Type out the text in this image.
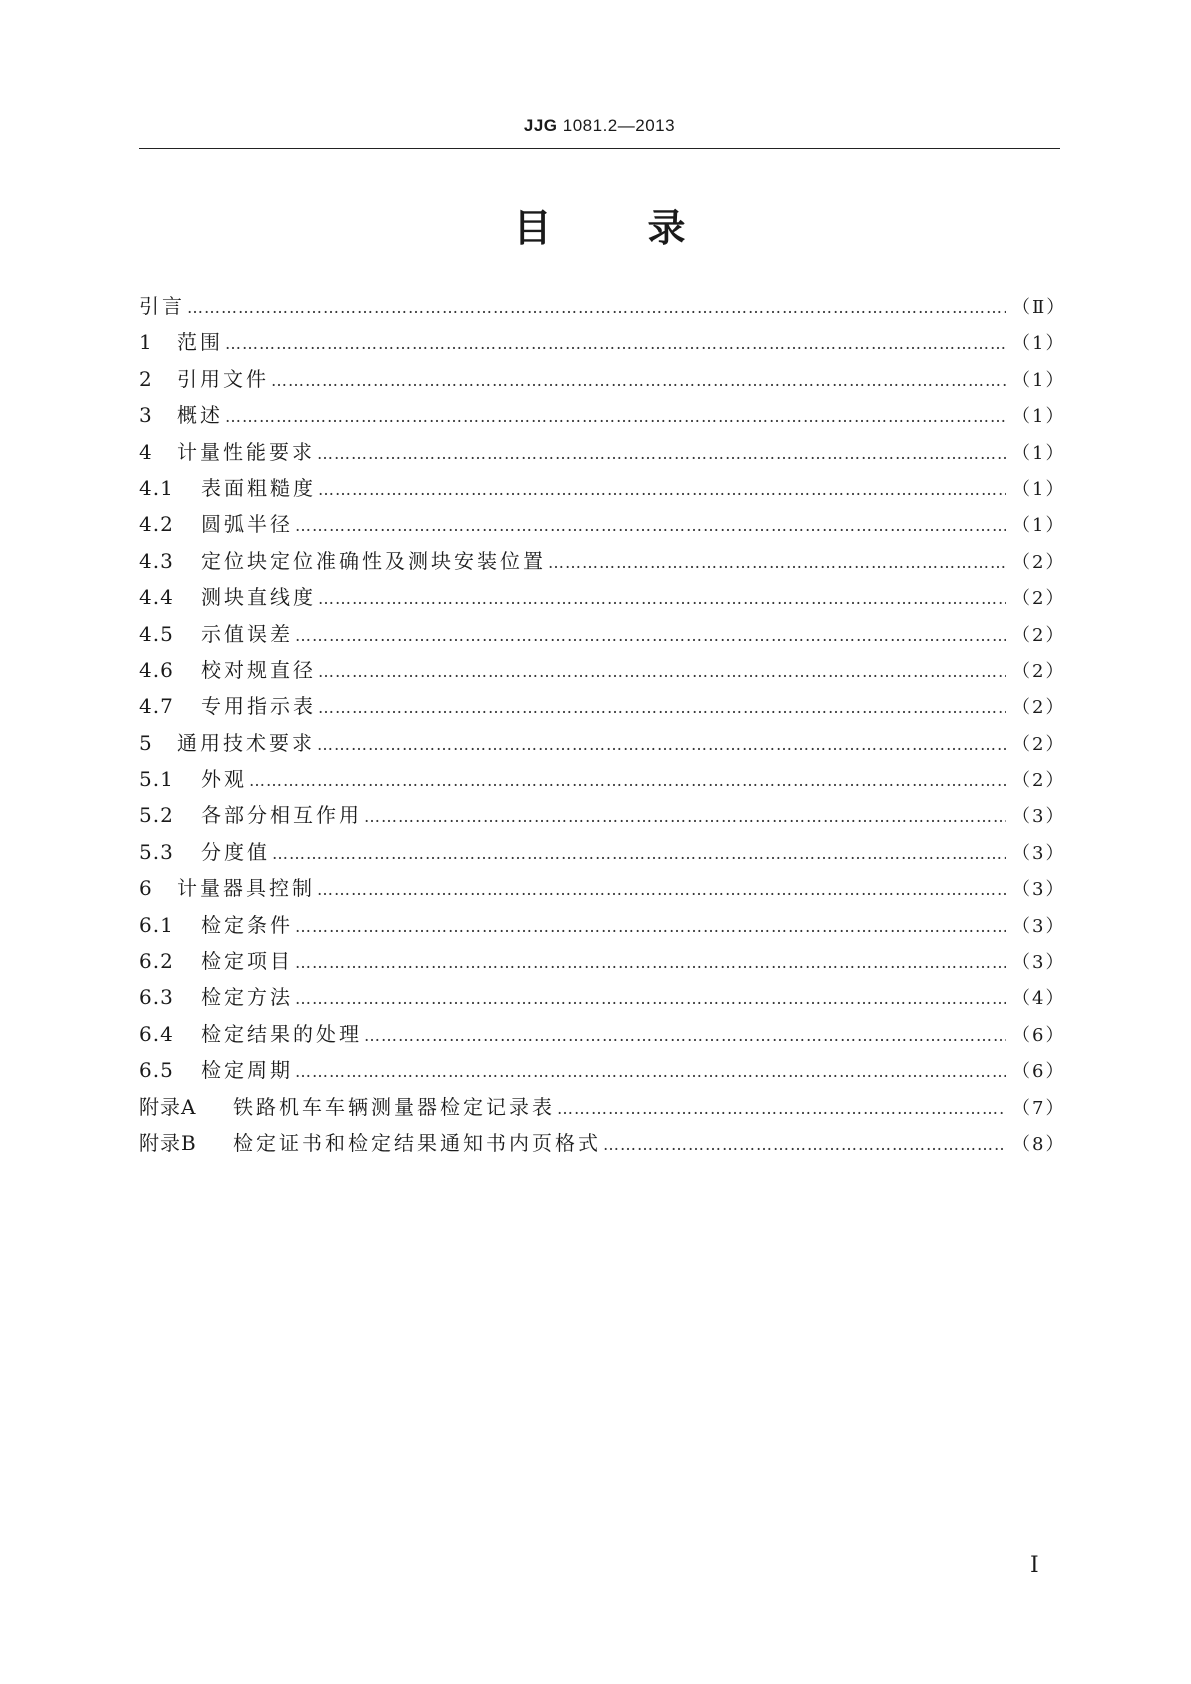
JJG 1081.2—2013
目录
引言 ………………………………………………………………………………………………………………………………………………………………………………	（Ⅱ）
1	范围 ………………………………………………………………………………………………………………………………………………………………………………	（1）
2	引用文件 ………………………………………………………………………………………………………………………………………………………………………………	（1）
3	概述 ………………………………………………………………………………………………………………………………………………………………………………	（1）
4	计量性能要求 ………………………………………………………………………………………………………………………………………………………………………………	（1）
4.1	表面粗糙度 ………………………………………………………………………………………………………………………………………………………………………………	（1）
4.2	圆弧半径 ………………………………………………………………………………………………………………………………………………………………………………	（1）
4.3	定位块定位准确性及测块安装位置 ………………………………………………………………………………………………………………………………………………………………………………	（2）
4.4	测块直线度 ………………………………………………………………………………………………………………………………………………………………………………	（2）
4.5	示值误差 ………………………………………………………………………………………………………………………………………………………………………………	（2）
4.6	校对规直径 ………………………………………………………………………………………………………………………………………………………………………………	（2）
4.7	专用指示表 ………………………………………………………………………………………………………………………………………………………………………………	（2）
5	通用技术要求 ………………………………………………………………………………………………………………………………………………………………………………	（2）
5.1	外观 ………………………………………………………………………………………………………………………………………………………………………………	（2）
5.2	各部分相互作用 ………………………………………………………………………………………………………………………………………………………………………………	（3）
5.3	分度值 ………………………………………………………………………………………………………………………………………………………………………………	（3）
6	计量器具控制 ………………………………………………………………………………………………………………………………………………………………………………	（3）
6.1	检定条件 ………………………………………………………………………………………………………………………………………………………………………………	（3）
6.2	检定项目 ………………………………………………………………………………………………………………………………………………………………………………	（3）
6.3	检定方法 ………………………………………………………………………………………………………………………………………………………………………………	（4）
6.4	检定结果的处理 ………………………………………………………………………………………………………………………………………………………………………………	（6）
6.5	检定周期 ………………………………………………………………………………………………………………………………………………………………………………	（6）
附录A	铁路机车车辆测量器检定记录表 ………………………………………………………………………………………………………………………………………………………………………………	（7）
附录B	检定证书和检定结果通知书内页格式 ………………………………………………………………………………………………………………………………………………………………………………	（8）
Ⅰ
